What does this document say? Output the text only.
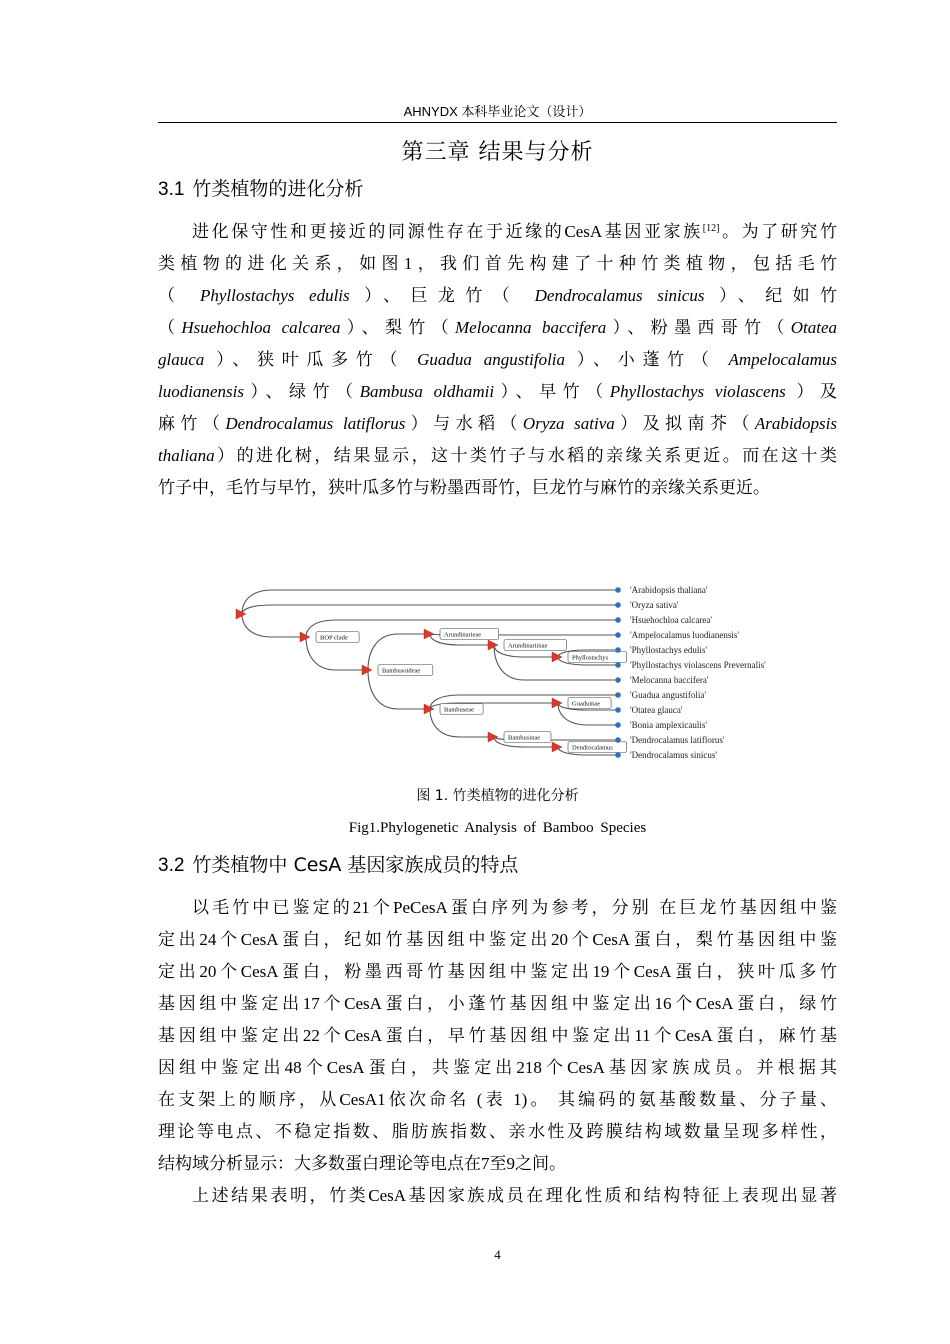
AHNYDX 本科毕业论文（设计）
第三章 结果与分析
3.1 竹类植物的进化分析
进化保守性和更接近的同源性存在于近缘的CesA基因亚家族[12]。为了研究竹
类植物的进化关系，如图1，我们首先构建了十种竹类植物，包括毛竹
（ Phyllostachys edulis ）、巨龙竹（ Dendrocalamus sinicus ）、纪如竹
（Hsuehochloa calcarea）、梨竹（Melocanna baccifera）、粉墨西哥竹（Otatea
glauca ）、狭叶瓜多竹（ Guadua angustifolia ）、小蓬竹（ Ampelocalamus
luodianensis）、绿竹（Bambusa oldhamii）、早竹（Phyllostachys violascens ）及
麻竹（Dendrocalamus latiflorus）与水稻（Oryza sativa）及拟南芥（Arabidopsis
thaliana）的进化树，结果显示，这十类竹子与水稻的亲缘关系更近。而在这十类
竹子中，毛竹与早竹，狭叶瓜多竹与粉墨西哥竹，巨龙竹与麻竹的亲缘关系更近。
BOP clade	Arundinarieae
Arundinariinae
Phyllostachys
Bambusoideae
Bambuseae
Guaduinae
Bambusinae
Dendrocalamus
'Arabidopsis thaliana'
'Oryza sativa'
'Hsuehochloa calcarea'
'Ampelocalamus luodianensis'
'Phyllostachys edulis'
'Phyllostachys violascens Prevernalis'
'Melocanna baccifera'
'Guadua angustifolia'
'Otatea glauca'
'Bonia amplexicaulis'
'Dendrocalamus latiflorus'
'Dendrocalamus sinicus'
图 1. 竹类植物的进化分析
Fig1.Phylogenetic Analysis of Bamboo Species
3.2 竹类植物中 CesA 基因家族成员的特点
以毛竹中已鉴定的21个PeCesA蛋白序列为参考，分别 在巨龙竹基因组中鉴
定出24个CesA蛋白，纪如竹基因组中鉴定出20个CesA蛋白，梨竹基因组中鉴
定出20个CesA蛋白，粉墨西哥竹基因组中鉴定出19个CesA蛋白，狭叶瓜多竹
基因组中鉴定出17个CesA蛋白，小蓬竹基因组中鉴定出16个CesA蛋白，绿竹
基因组中鉴定出22个CesA蛋白，早竹基因组中鉴定出11个CesA蛋白，麻竹基
因组中鉴定出48个CesA蛋白，共鉴定出218个CesA基因家族成员。并根据其
在支架上的顺序，从CesA1依次命名 (表 1)。 其编码的氨基酸数量、分子量、
理论等电点、不稳定指数、脂肪族指数、亲水性及跨膜结构域数量呈现多样性，
结构域分析显示：大多数蛋白理论等电点在7至9之间。
上述结果表明，竹类CesA基因家族成员在理化性质和结构特征上表现出显著
4
